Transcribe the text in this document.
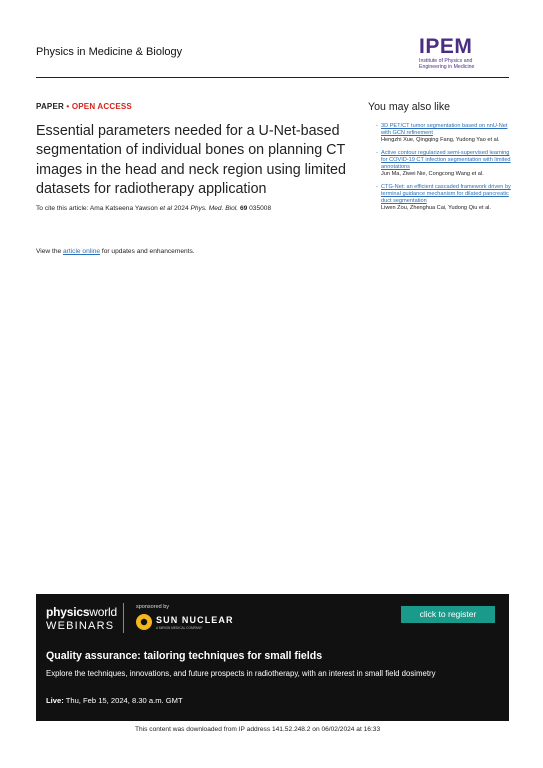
Physics in Medicine & Biology	IPEM
Institute of Physics and
Engineering in Medicine
PAPER • OPEN ACCESS
Essential parameters needed for a U-Net-based segmentation of individual bones on planning CT images in the head and neck region using limited datasets for radiotherapy application
To cite this article: Ama Katseena Yawson et al 2024 Phys. Med. Biol. 69 035008
View the article online for updates and enhancements.
You may also like
- 3D PET/CT tumor segmentation based on nnU-Net with GCN refinement
Hengzhi Xue, Qingqing Fang, Yudong Yao et al.
- Active contour regularized semi-supervised learning for COVID-19 CT infection segmentation with limited annotations
Jun Ma, Ziwei Nie, Congcong Wang et al.
- CTG-Net: an efficient cascaded framework driven by terminal guidance mechanism for dilated pancreatic duct segmentation
Liwen Zou, Zhenghua Cai, Yudong Qiu et al.
physicsworld
WEBINARS
sponsored by
SUN NUCLEAR
A MIRION MEDICAL COMPANY
click to register
Quality assurance: tailoring techniques for small fields
Explore the techniques, innovations, and future prospects in radiotherapy, with an interest in small field dosimetry
Live: Thu, Feb 15, 2024, 8.30 a.m. GMT
This content was downloaded from IP address 141.52.248.2 on 06/02/2024 at 16:33
